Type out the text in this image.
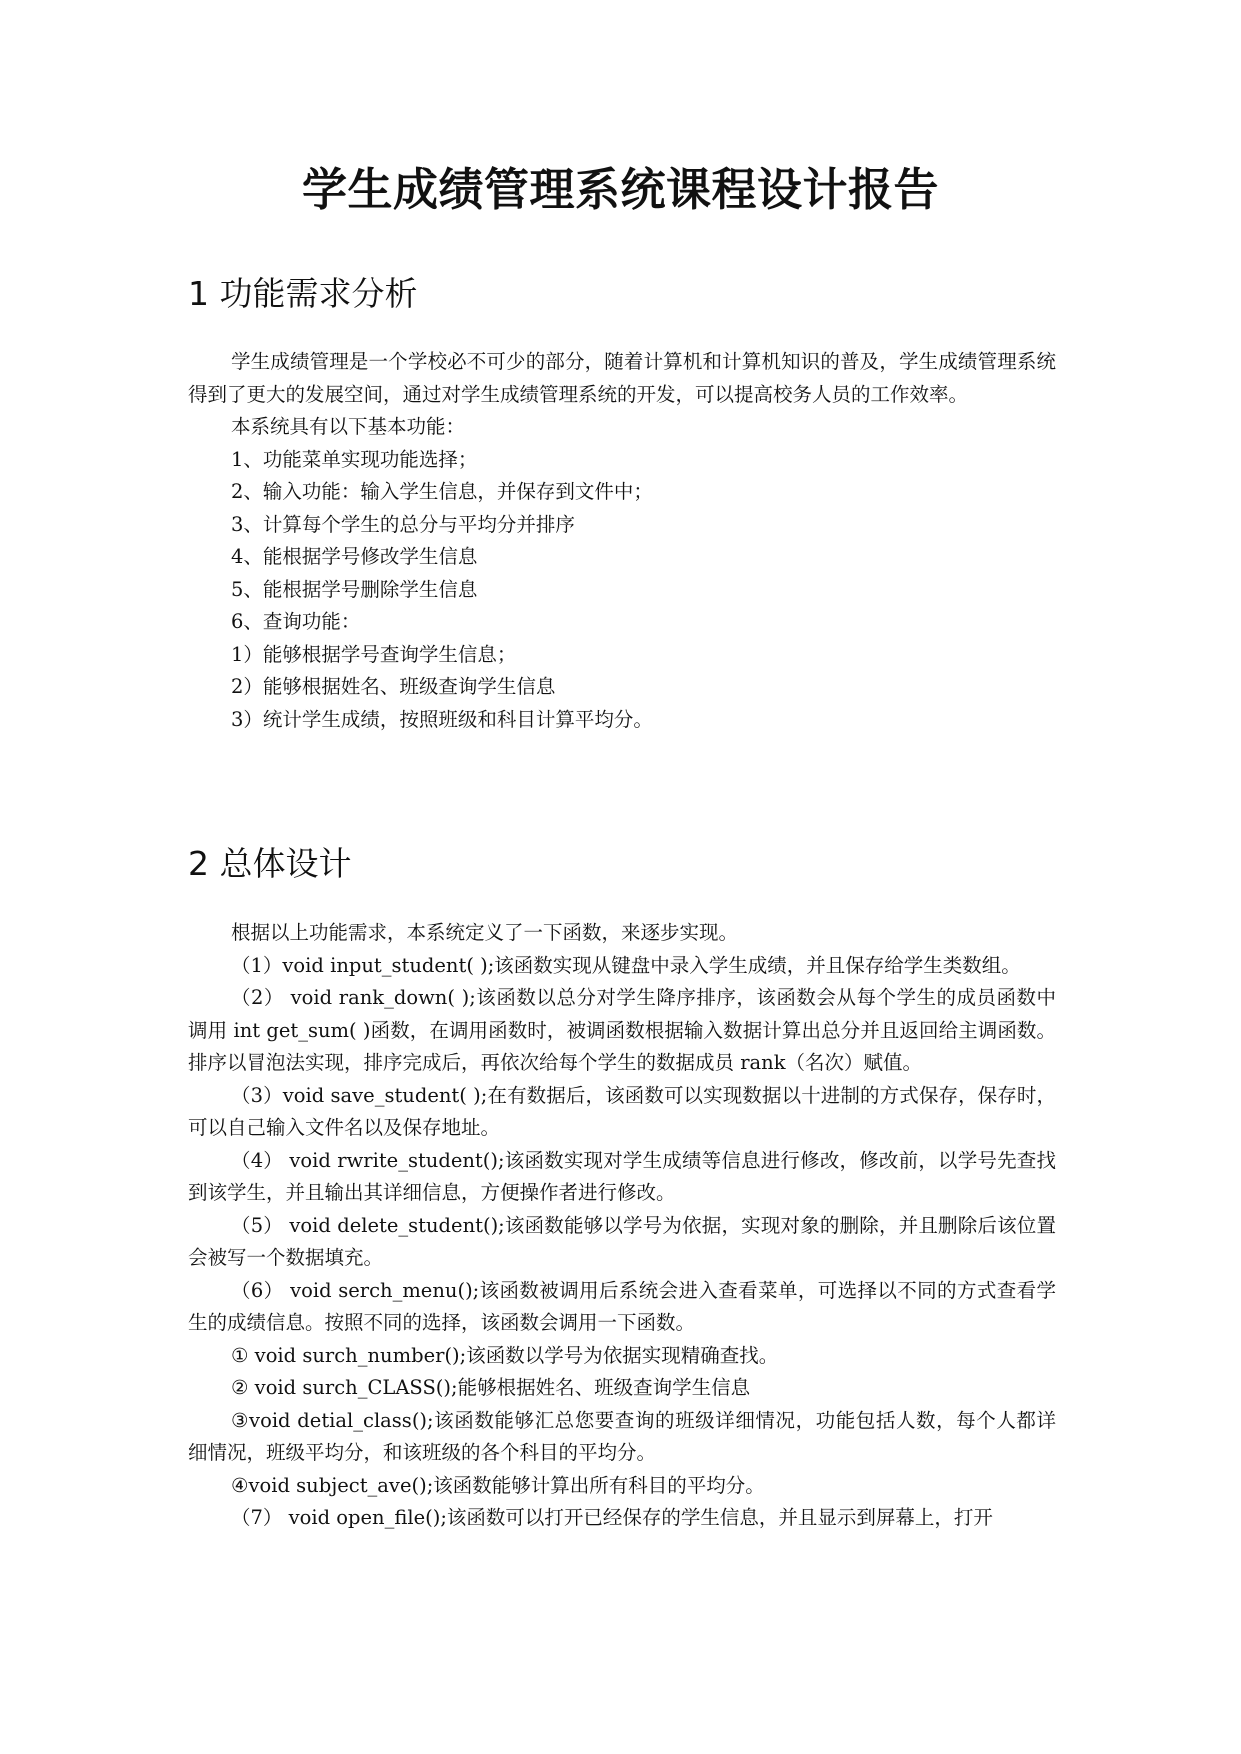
学生成绩管理系统课程设计报告
1 功能需求分析

学生成绩管理是一个学校必不可少的部分，随着计算机和计算机知识的普及，学生成绩管理系统得到了更大的发展空间，通过对学生成绩管理系统的开发，可以提高校务人员的工作效率。

本系统具有以下基本功能：

1、功能菜单实现功能选择；

2、输入功能：输入学生信息，并保存到文件中；

3、计算每个学生的总分与平均分并排序

4、能根据学号修改学生信息

5、能根据学号删除学生信息

6、查询功能：

1）能够根据学号查询学生信息；

2）能够根据姓名、班级查询学生信息

3）统计学生成绩，按照班级和科目计算平均分。

2 总体设计

根据以上功能需求，本系统定义了一下函数，来逐步实现。

（1）void input_student( );该函数实现从键盘中录入学生成绩，并且保存给学生类数组。

（2） void rank_down( );该函数以总分对学生降序排序，该函数会从每个学生的成员函数中调用 int get_sum( )函数，在调用函数时，被调函数根据输入数据计算出总分并且返回给主调函数。排序以冒泡法实现，排序完成后，再依次给每个学生的数据成员 rank（名次）赋值。

（3）void save_student( );在有数据后，该函数可以实现数据以十进制的方式保存，保存时，可以自己输入文件名以及保存地址。

（4） void rwrite_student();该函数实现对学生成绩等信息进行修改，修改前，以学号先查找到该学生，并且输出其详细信息，方便操作者进行修改。

（5） void delete_student();该函数能够以学号为依据，实现对象的删除，并且删除后该位置会被写一个数据填充。

（6） void serch_menu();该函数被调用后系统会进入查看菜单，可选择以不同的方式查看学生的成绩信息。按照不同的选择，该函数会调用一下函数。

① void surch_number();该函数以学号为依据实现精确查找。

② void surch_CLASS();能够根据姓名、班级查询学生信息

③void detial_class();该函数能够汇总您要查询的班级详细情况，功能包括人数，每个人都详细情况，班级平均分，和该班级的各个科目的平均分。

④void subject_ave();该函数能够计算出所有科目的平均分。

（7） void open_file();该函数可以打开已经保存的学生信息，并且显示到屏幕上，打开
